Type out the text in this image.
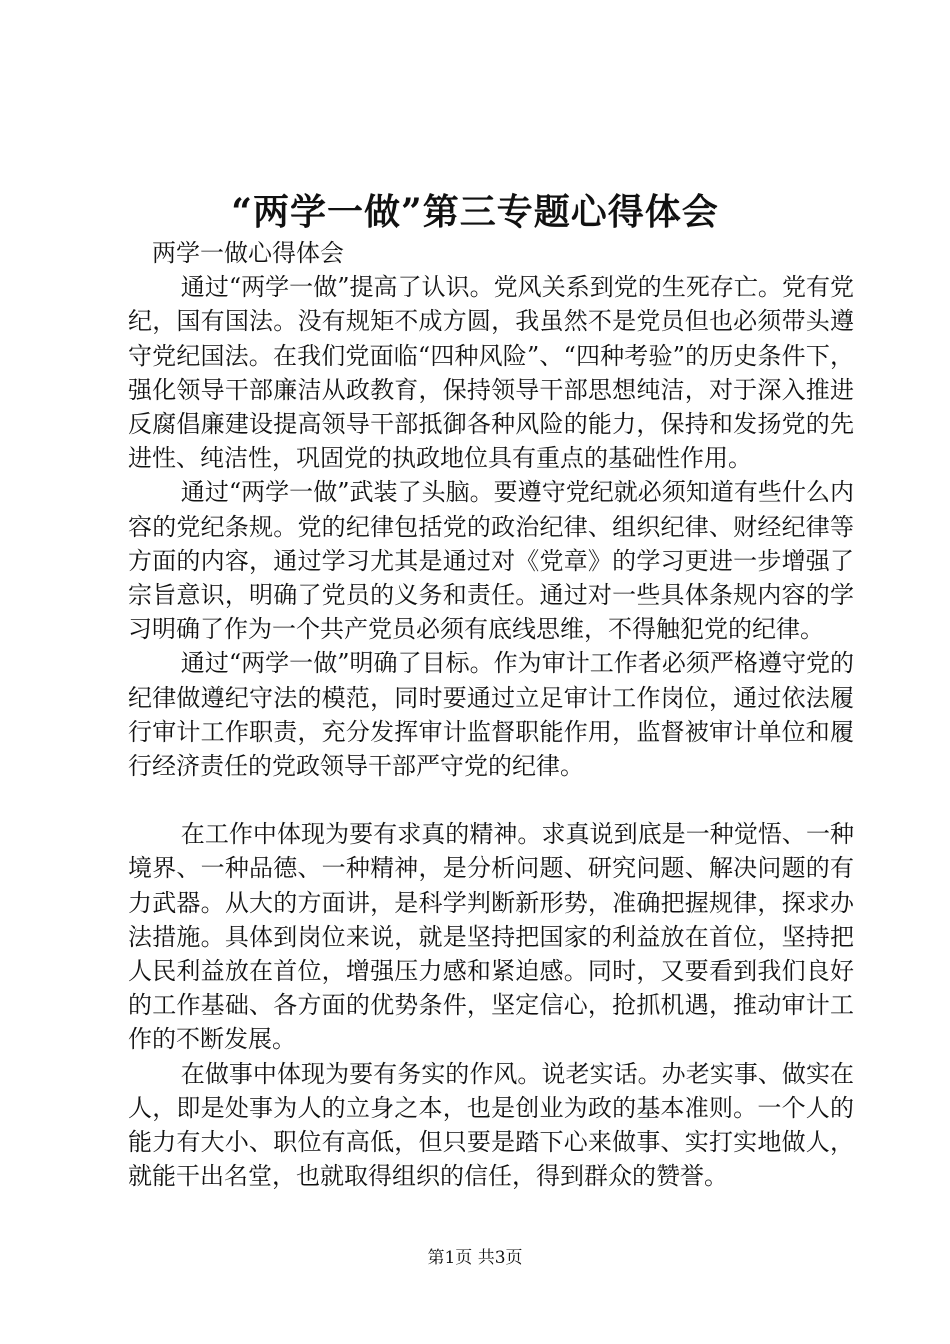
“两学一做”第三专题心得体会

两学一做心得体会

通过“两学一做”提高了认识。党风关系到党的生死存亡。党有党纪，国有国法。没有规矩不成方圆，我虽然不是党员但也必须带头遵守党纪国法。在我们党面临“四种风险”、“四种考验”的历史条件下，强化领导干部廉洁从政教育，保持领导干部思想纯洁，对于深入推进反腐倡廉建设提高领导干部抵御各种风险的能力，保持和发扬党的先进性、纯洁性，巩固党的执政地位具有重点的基础性作用。

通过“两学一做”武装了头脑。要遵守党纪就必须知道有些什么内容的党纪条规。党的纪律包括党的政治纪律、组织纪律、财经纪律等方面的内容，通过学习尤其是通过对《党章》的学习更进一步增强了宗旨意识，明确了党员的义务和责任。通过对一些具体条规内容的学习明确了作为一个共产党员必须有底线思维，不得触犯党的纪律。

通过“两学一做”明确了目标。作为审计工作者必须严格遵守党的纪律做遵纪守法的模范，同时要通过立足审计工作岗位，通过依法履行审计工作职责，充分发挥审计监督职能作用，监督被审计单位和履行经济责任的党政领导干部严守党的纪律。

在工作中体现为要有求真的精神。求真说到底是一种觉悟、一种境界、一种品德、一种精神，是分析问题、研究问题、解决问题的有力武器。从大的方面讲，是科学判断新形势，准确把握规律，探求办法措施。具体到岗位来说，就是坚持把国家的利益放在首位，坚持把人民利益放在首位，增强压力感和紧迫感。同时，又要看到我们良好的工作基础、各方面的优势条件，坚定信心，抢抓机遇，推动审计工作的不断发展。

在做事中体现为要有务实的作风。说老实话。办老实事、做实在人，即是处事为人的立身之本，也是创业为政的基本准则。一个人的能力有大小、职位有高低，但只要是踏下心来做事、实打实地做人，就能干出名堂，也就取得组织的信任，得到群众的赞誉。

第1页 共3页
